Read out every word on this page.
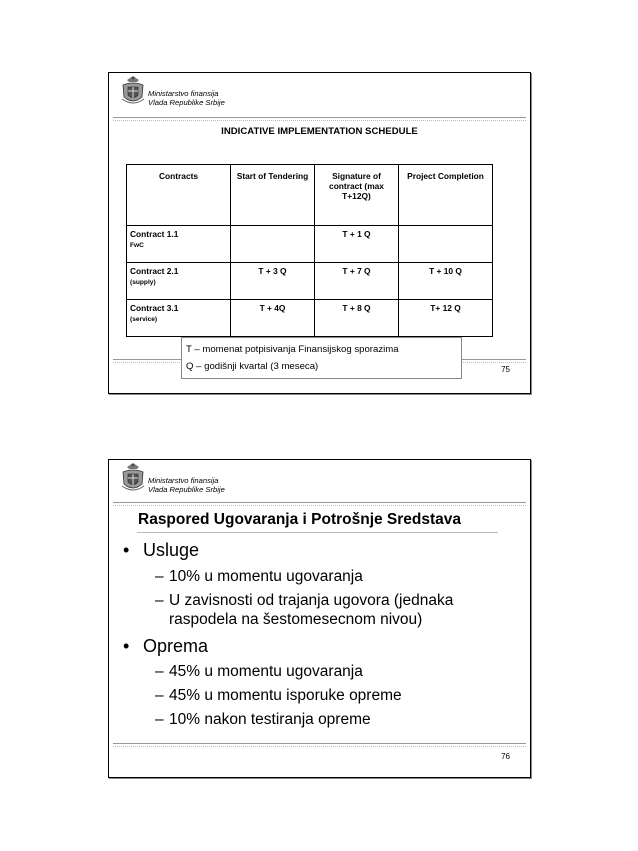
Ministarstvo finansija
Vlada Republike Srbije
INDICATIVE IMPLEMENTATION SCHEDULE
Contracts	Start of Tendering	Signature of contract (max T+12Q)	Project Completion
Contract 1.1
FwC		T + 1 Q	
Contract 2.1
(supply)	T + 3 Q	T + 7 Q	T + 10 Q
Contract 3.1
(service)	T + 4Q	T + 8 Q	T+ 12 Q
T – momenat potpisivanja Finansijskog sporazima
Q – godišnji kvartal (3 meseca)	75
Ministarstvo finansija
Vlada Republike Srbije
Raspored Ugovaranja i Potrošnje Sredstava
• Usluge
– 10% u momentu ugovaranja
– U zavisnosti od trajanja ugovora (jednaka
raspodela na šestomesecnom nivou)
• Oprema
– 45% u momentu ugovaranja
– 45% u momentu isporuke opreme
– 10% nakon testiranja opreme
76
